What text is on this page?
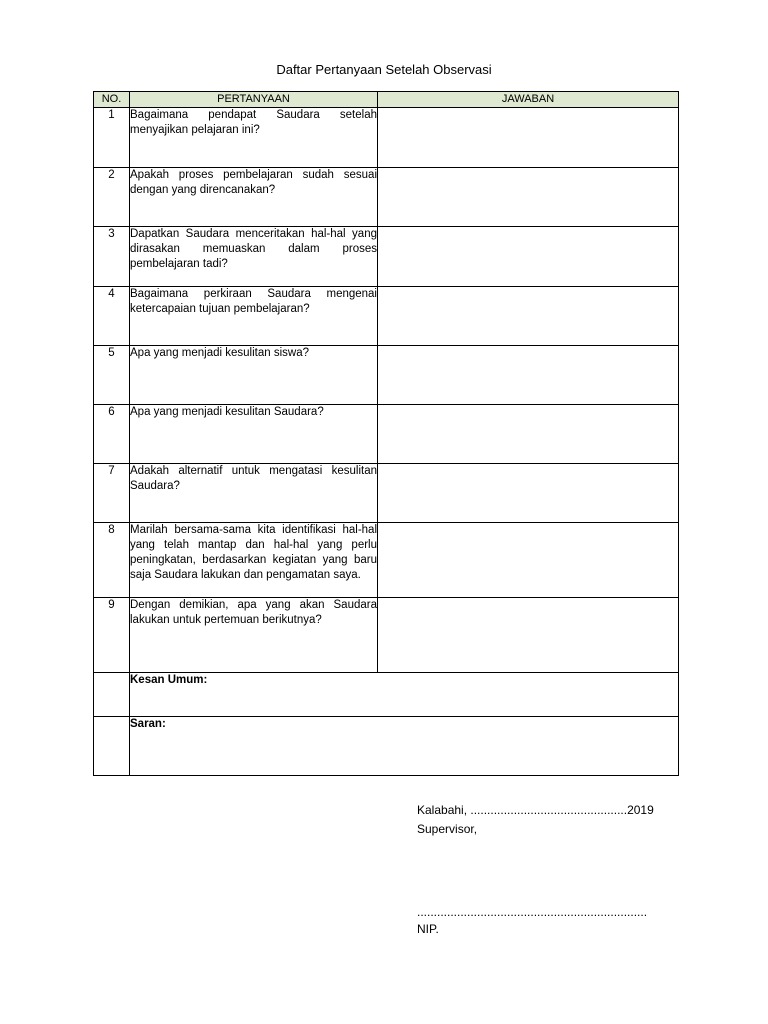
Daftar Pertanyaan Setelah Observasi
NO.	PERTANYAAN	JAWABAN
1	Bagaimana pendapat Saudara setelah menyajikan pelajaran ini?	
2	Apakah proses pembelajaran sudah sesuai dengan yang direncanakan?	
3	Dapatkan Saudara menceritakan hal-hal yang dirasakan memuaskan dalam proses pembelajaran tadi?	
4	Bagaimana perkiraan Saudara mengenai ketercapaian tujuan pembelajaran?	
5	Apa yang menjadi kesulitan siswa?	
6	Apa yang menjadi kesulitan Saudara?	
7	Adakah alternatif untuk mengatasi kesulitan Saudara?	
8	Marilah bersama-sama kita identifikasi hal-hal yang telah mantap dan hal-hal yang perlu peningkatan, berdasarkan kegiatan yang baru saja Saudara lakukan dan pengamatan saya.	
9	Dengan demikian, apa yang akan Saudara lakukan untuk pertemuan berikutnya?	
	Kesan Umum:	
	Saran:	
Kalabahi, ...............................................2019
Supervisor,
.....................................................................
NIP.
